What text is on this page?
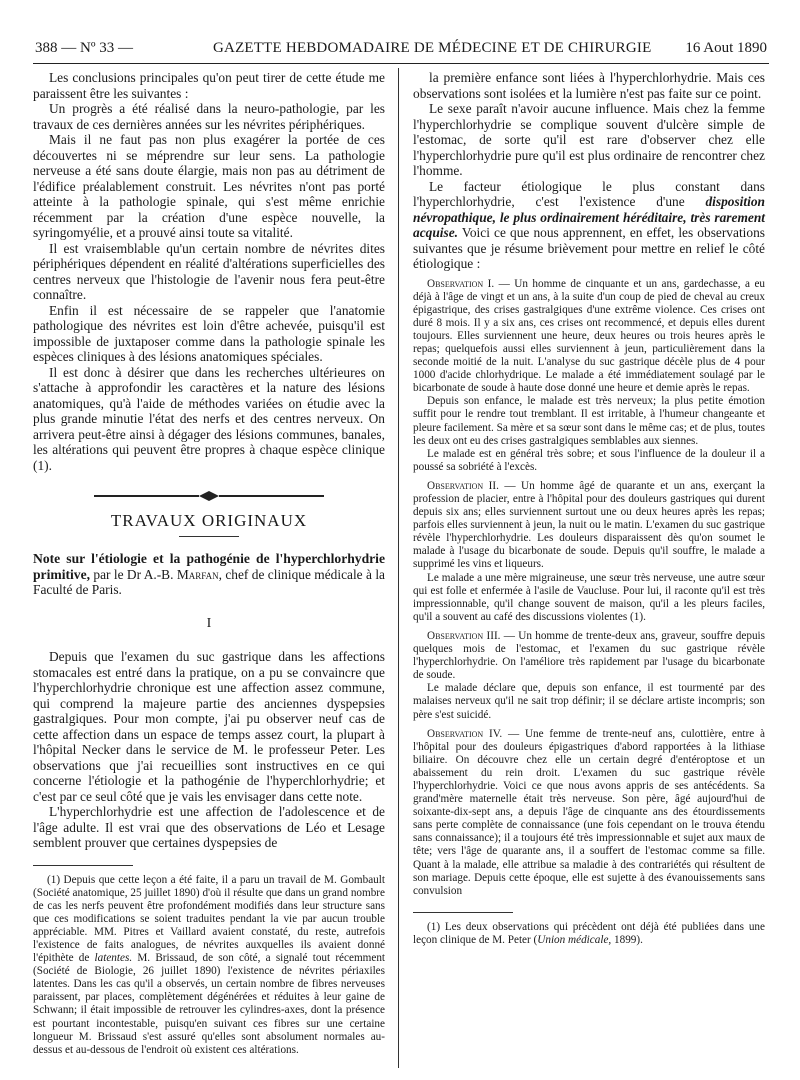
388 — Nº 33 —	GAZETTE HEBDOMADAIRE DE MÉDECINE ET DE CHIRURGIE 16 Aout 1890

Les conclusions principales qu'on peut tirer de cette étude me paraissent être les suivantes :

Un progrès a été réalisé dans la neuro-pathologie, par les travaux de ces dernières années sur les névrites périphériques.

Mais il ne faut pas non plus exagérer la portée de ces découvertes ni se méprendre sur leur sens. La pathologie nerveuse a été sans doute élargie, mais non pas au détriment de l'édifice préalablement construit. Les névrites n'ont pas porté atteinte à la pathologie spinale, qui s'est même enrichie récemment par la création d'une espèce nouvelle, la syringomyélie, et a prouvé ainsi toute sa vitalité.

Il est vraisemblable qu'un certain nombre de névrites dites périphériques dépendent en réalité d'altérations superficielles des centres nerveux que l'histologie de l'avenir nous fera peut-être connaître.

Enfin il est nécessaire de se rappeler que l'anatomie pathologique des névrites est loin d'être achevée, puisqu'il est impossible de juxtaposer comme dans la pathologie spinale les espèces cliniques à des lésions anatomiques spéciales.

Il est donc à désirer que dans les recherches ultérieures on s'attache à approfondir les caractères et la nature des lésions anatomiques, qu'à l'aide de méthodes variées on étudie avec la plus grande minutie l'état des nerfs et des centres nerveux. On arrivera peut-être ainsi à dégager des lésions communes, banales, les altérations qui peuvent être propres à chaque espèce clinique (1).

TRAVAUX ORIGINAUX

Note sur l'étiologie et la pathogénie de l'hyperchlorhydrie primitive, par le Dr A.-B. Marfan, chef de clinique médicale à la Faculté de Paris.

I

Depuis que l'examen du suc gastrique dans les affections stomacales est entré dans la pratique, on a pu se convaincre que l'hyperchlorhydrie chronique est une affection assez commune, qui comprend la majeure partie des anciennes dyspepsies gastralgiques. Pour mon compte, j'ai pu observer neuf cas de cette affection dans un espace de temps assez court, la plupart à l'hôpital Necker dans le service de M. le professeur Peter. Les observations que j'ai recueillies sont instructives en ce qui concerne l'étiologie et la pathogénie de l'hyperchlorhydrie; et c'est par ce seul côté que je vais les envisager dans cette note.

L'hyperchlorhydrie est une affection de l'adolescence et de l'âge adulte. Il est vrai que des observations de Léo et Lesage semblent prouver que certaines dyspepsies de

(1) Depuis que cette leçon a été faite, il a paru un travail de M. Gombault (Société anatomique, 25 juillet 1890) d'où il résulte que dans un grand nombre de cas les nerfs peuvent être profondément modifiés dans leur structure sans que ces modifications se soient traduites pendant la vie par aucun trouble appréciable. MM. Pitres et Vaillard avaient constaté, du reste, autrefois l'existence de faits analogues, de névrites auxquelles ils avaient donné l'épithète de latentes. M. Brissaud, de son côté, a signalé tout récemment (Société de Biologie, 26 juillet 1890) l'existence de névrites périaxiles latentes. Dans les cas qu'il a observés, un certain nombre de fibres nerveuses paraissent, par places, complètement dégénérées et réduites à leur gaine de Schwann; il était impossible de retrouver les cylindres-axes, dont la présence est pourtant incontestable, puisqu'en suivant ces fibres sur une certaine longueur M. Brissaud s'est assuré qu'elles sont absolument normales au-dessus et au-dessous de l'endroit où existent ces altérations.

la première enfance sont liées à l'hyperchlorhydrie. Mais ces observations sont isolées et la lumière n'est pas faite sur ce point.

Le sexe paraît n'avoir aucune influence. Mais chez la femme l'hyperchlorhydrie se complique souvent d'ulcère simple de l'estomac, de sorte qu'il est rare d'observer chez elle l'hyperchlorhydrie pure qu'il est plus ordinaire de rencontrer chez l'homme.

Le facteur étiologique le plus constant dans l'hyperchlorhydrie, c'est l'existence d'une disposition névropathique, le plus ordinairement héréditaire, très rarement acquise. Voici ce que nous apprennent, en effet, les observations suivantes que je résume brièvement pour mettre en relief le côté étiologique :

Observation I. — Un homme de cinquante et un ans, gardechasse, a eu déjà à l'âge de vingt et un ans, à la suite d'un coup de pied de cheval au creux épigastrique, des crises gastralgiques d'une extrême violence. Ces crises ont duré 8 mois. Il y a six ans, ces crises ont recommencé, et depuis elles durent toujours. Elles surviennent une heure, deux heures ou trois heures après le repas; quelquefois aussi elles surviennent à jeun, particulièrement dans la seconde moitié de la nuit. L'analyse du suc gastrique décèle plus de 4 pour 1000 d'acide chlorhydrique. Le malade a été immédiatement soulagé par le bicarbonate de soude à haute dose donné une heure et demie après le repas.

Depuis son enfance, le malade est très nerveux; la plus petite émotion suffit pour le rendre tout tremblant. Il est irritable, à l'humeur changeante et pleure facilement. Sa mère et sa sœur sont dans le même cas; et de plus, toutes les deux ont eu des crises gastralgiques semblables aux siennes.

Le malade est en général très sobre; et sous l'influence de la douleur il a poussé sa sobriété à l'excès.

Observation II. — Un homme âgé de quarante et un ans, exerçant la profession de placier, entre à l'hôpital pour des douleurs gastriques qui durent depuis six ans; elles surviennent surtout une ou deux heures après les repas; parfois elles surviennent à jeun, la nuit ou le matin. L'examen du suc gastrique révèle l'hyperchlorhydrie. Les douleurs disparaissent dès qu'on soumet le malade à l'usage du bicarbonate de soude. Depuis qu'il souffre, le malade a supprimé les vins et liqueurs.

Le malade a une mère migraineuse, une sœur très nerveuse, une autre sœur qui est folle et enfermée à l'asile de Vaucluse. Pour lui, il raconte qu'il est très impressionnable, qu'il change souvent de maison, qu'il a les pleurs faciles, qu'il a souvent au café des discussions violentes (1).

Observation III. — Un homme de trente-deux ans, graveur, souffre depuis quelques mois de l'estomac, et l'examen du suc gastrique révèle l'hyperchlorhydrie. On l'améliore très rapidement par l'usage du bicarbonate de soude.

Le malade déclare que, depuis son enfance, il est tourmenté par des malaises nerveux qu'il ne sait trop définir; il se déclare artiste incompris; son père s'est suicidé.

Observation IV. — Une femme de trente-neuf ans, culottière, entre à l'hôpital pour des douleurs épigastriques d'abord rapportées à la lithiase biliaire. On découvre chez elle un certain degré d'entéroptose et un abaissement du rein droit. L'examen du suc gastrique révèle l'hyperchlorhydrie. Voici ce que nous avons appris de ses antécédents. Sa grand'mère maternelle était très nerveuse. Son père, âgé aujourd'hui de soixante-dix-sept ans, a depuis l'âge de cinquante ans des étourdissements sans perte complète de connaissance (une fois cependant on le trouva étendu sans connaissance); il a toujours été très impressionnable et sujet aux maux de tête; vers l'âge de quarante ans, il a souffert de l'estomac comme sa fille. Quant à la malade, elle attribue sa maladie à des contrariétés qui résultent de son mariage. Depuis cette époque, elle est sujette à des évanouissements sans convulsion

(1) Les deux observations qui précèdent ont déjà été publiées dans une leçon clinique de M. Peter (Union médicale, 1899).
